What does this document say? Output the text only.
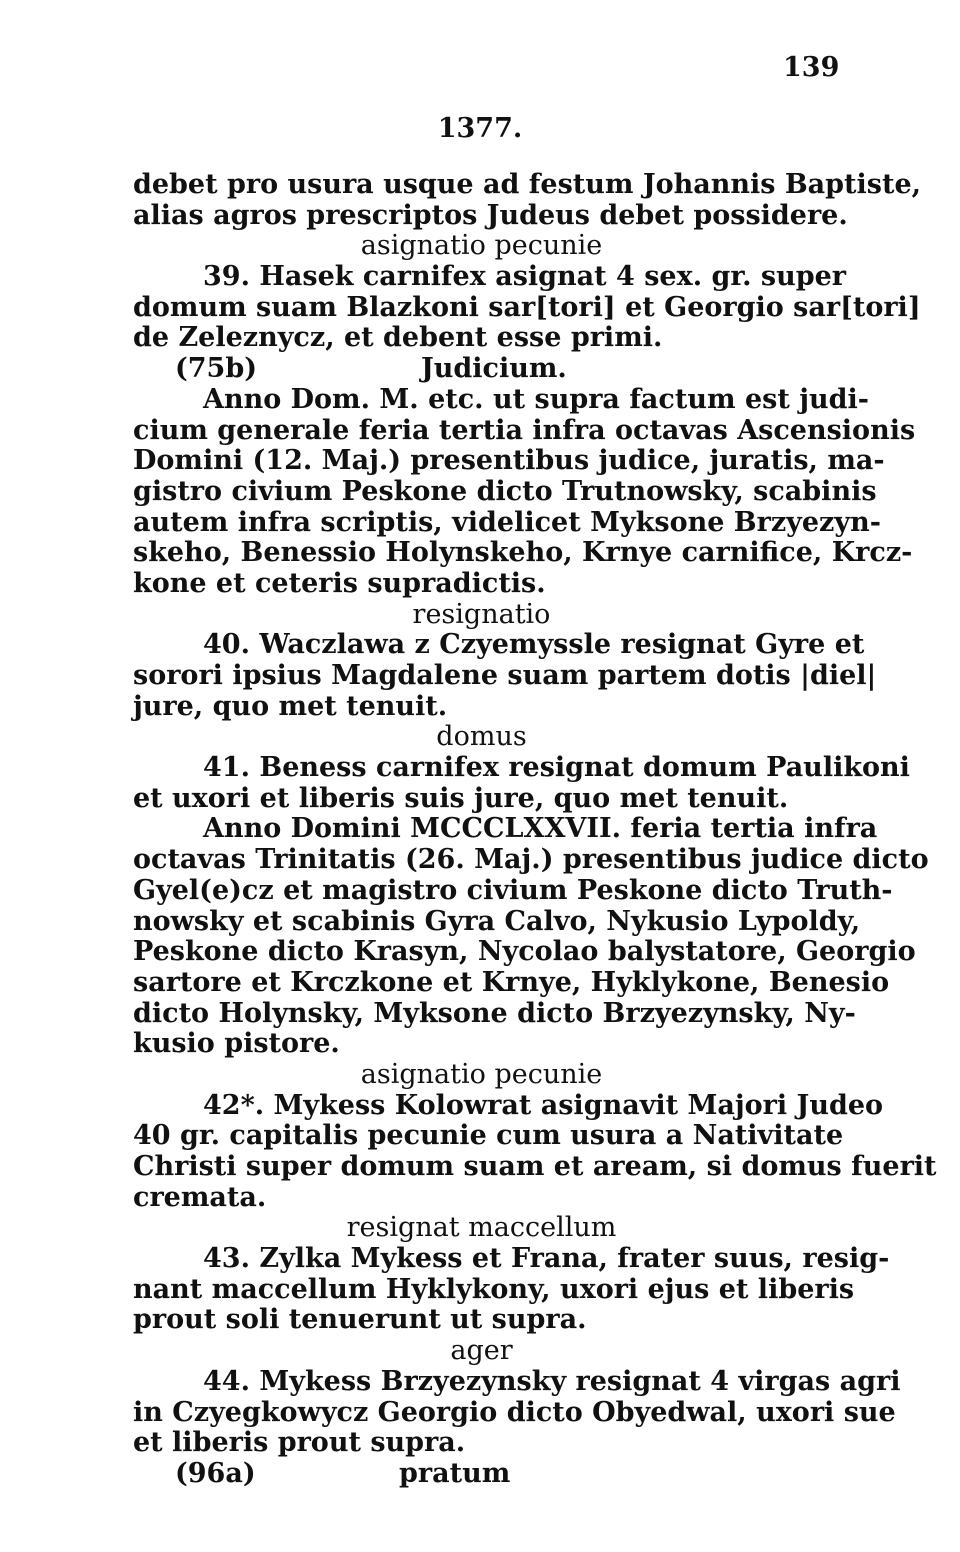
139
1377.
debet pro usura usque ad festum Johannis Baptiste,
alias agros prescriptos Judeus debet possidere.
asignatio pecunie
39. Hasek carnifex asignat 4 sex. gr. super
domum suam Blazkoni sar[tori] et Georgio sar[tori]
de Zeleznycz, et debent esse primi.
(75b)	Judicium.
Anno Dom. M. etc. ut supra factum est judi-
cium generale feria tertia infra octavas Ascensionis
Domini (12. Maj.) presentibus judice, juratis, ma-
gistro civium Peskone dicto Trutnowsky, scabinis
autem infra scriptis, videlicet Myksone Brzyezyn-
skeho, Benessio Holynskeho, Krnye carnifice, Krcz-
kone et ceteris supradictis.
resignatio
40. Waczlawa z Czyemyssle resignat Gyre et
sorori ipsius Magdalene suam partem dotis |diel|
jure, quo met tenuit.
domus
41. Beness carnifex resignat domum Paulikoni
et uxori et liberis suis jure, quo met tenuit.
Anno Domini MCCCLXXVII. feria tertia infra
octavas Trinitatis (26. Maj.) presentibus judice dicto
Gyel(e)cz et magistro civium Peskone dicto Truth-
nowsky et scabinis Gyra Calvo, Nykusio Lypoldy,
Peskone dicto Krasyn, Nycolao balystatore, Georgio
sartore et Krczkone et Krnye, Hyklykone, Benesio
dicto Holynsky, Myksone dicto Brzyezynsky, Ny-
kusio pistore.
asignatio pecunie
42*. Mykess Kolowrat asignavit Majori Judeo
40 gr. capitalis pecunie cum usura a Nativitate
Christi super domum suam et aream, si domus fuerit
cremata.
resignat maccellum
43. Zylka Mykess et Frana, frater suus, resig-
nant maccellum Hyklykony, uxori ejus et liberis
prout soli tenuerunt ut supra.
ager
44. Mykess Brzyezynsky resignat 4 virgas agri
in Czyegkowycz Georgio dicto Obyedwal, uxori sue
et liberis prout supra.
(96a)	pratum
